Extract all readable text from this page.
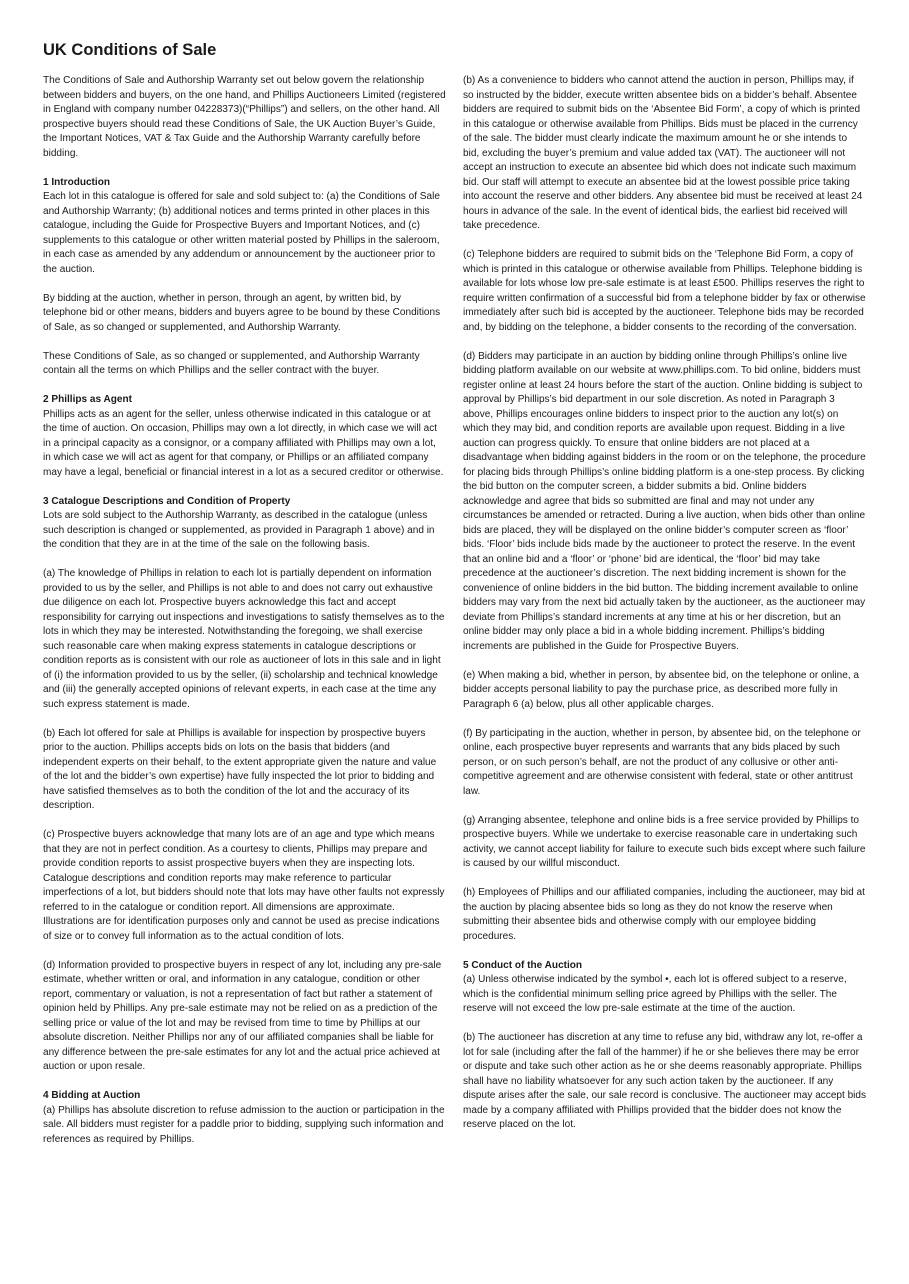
UK Conditions of Sale

The Conditions of Sale and Authorship Warranty set out below govern the relationship between bidders and buyers, on the one hand, and Phillips Auctioneers Limited (registered in England with company number 04228373)(“Phillips”) and sellers, on the other hand. All prospective buyers should read these Conditions of Sale, the UK Auction Buyer’s Guide, the Important Notices, VAT & Tax Guide and the Authorship Warranty carefully before bidding.

1 Introduction

Each lot in this catalogue is offered for sale and sold subject to: (a) the Conditions of Sale and Authorship Warranty; (b) additional notices and terms printed in other places in this catalogue, including the Guide for Prospective Buyers and Important Notices, and (c) supplements to this catalogue or other written material posted by Phillips in the saleroom, in each case as amended by any addendum or announcement by the auctioneer prior to the auction.

By bidding at the auction, whether in person, through an agent, by written bid, by telephone bid or other means, bidders and buyers agree to be bound by these Conditions of Sale, as so changed or supplemented, and Authorship Warranty.

These Conditions of Sale, as so changed or supplemented, and Authorship Warranty contain all the terms on which Phillips and the seller contract with the buyer.

2 Phillips as Agent

Phillips acts as an agent for the seller, unless otherwise indicated in this catalogue or at the time of auction. On occasion, Phillips may own a lot directly, in which case we will act in a principal capacity as a consignor, or a company affiliated with Phillips may own a lot, in which case we will act as agent for that company, or Phillips or an affiliated company may have a legal, beneficial or financial interest in a lot as a secured creditor or otherwise.

3 Catalogue Descriptions and Condition of Property

Lots are sold subject to the Authorship Warranty, as described in the catalogue (unless such description is changed or supplemented, as provided in Paragraph 1 above) and in the condition that they are in at the time of the sale on the following basis.

(a) The knowledge of Phillips in relation to each lot is partially dependent on information provided to us by the seller, and Phillips is not able to and does not carry out exhaustive due diligence on each lot. Prospective buyers acknowledge this fact and accept responsibility for carrying out inspections and investigations to satisfy themselves as to the lots in which they may be interested. Notwithstanding the foregoing, we shall exercise such reasonable care when making express statements in catalogue descriptions or condition reports as is consistent with our role as auctioneer of lots in this sale and in light of (i) the information provided to us by the seller, (ii) scholarship and technical knowledge and (iii) the generally accepted opinions of relevant experts, in each case at the time any such express statement is made.

(b) Each lot offered for sale at Phillips is available for inspection by prospective buyers prior to the auction. Phillips accepts bids on lots on the basis that bidders (and independent experts on their behalf, to the extent appropriate given the nature and value of the lot and the bidder’s own expertise) have fully inspected the lot prior to bidding and have satisfied themselves as to both the condition of the lot and the accuracy of its description.

(c) Prospective buyers acknowledge that many lots are of an age and type which means that they are not in perfect condition. As a courtesy to clients, Phillips may prepare and provide condition reports to assist prospective buyers when they are inspecting lots. Catalogue descriptions and condition reports may make reference to particular imperfections of a lot, but bidders should note that lots may have other faults not expressly referred to in the catalogue or condition report. All dimensions are approximate. Illustrations are for identification purposes only and cannot be used as precise indications of size or to convey full information as to the actual condition of lots.

(d) Information provided to prospective buyers in respect of any lot, including any pre-sale estimate, whether written or oral, and information in any catalogue, condition or other report, commentary or valuation, is not a representation of fact but rather a statement of opinion held by Phillips. Any pre-sale estimate may not be relied on as a prediction of the selling price or value of the lot and may be revised from time to time by Phillips at our absolute discretion. Neither Phillips nor any of our affiliated companies shall be liable for any difference between the pre-sale estimates for any lot and the actual price achieved at auction or upon resale.

4 Bidding at Auction

(a) Phillips has absolute discretion to refuse admission to the auction or participation in the sale. All bidders must register for a paddle prior to bidding, supplying such information and references as required by Phillips.

(b) As a convenience to bidders who cannot attend the auction in person, Phillips may, if so instructed by the bidder, execute written absentee bids on a bidder’s behalf. Absentee bidders are required to submit bids on the ‘Absentee Bid Form’, a copy of which is printed in this catalogue or otherwise available from Phillips. Bids must be placed in the currency of the sale. The bidder must clearly indicate the maximum amount he or she intends to bid, excluding the buyer’s premium and value added tax (VAT). The auctioneer will not accept an instruction to execute an absentee bid which does not indicate such maximum bid. Our staff will attempt to execute an absentee bid at the lowest possible price taking into account the reserve and other bidders. Any absentee bid must be received at least 24 hours in advance of the sale. In the event of identical bids, the earliest bid received will take precedence.

(c) Telephone bidders are required to submit bids on the ‘Telephone Bid Form, a copy of which is printed in this catalogue or otherwise available from Phillips. Telephone bidding is available for lots whose low pre-sale estimate is at least £500. Phillips reserves the right to require written confirmation of a successful bid from a telephone bidder by fax or otherwise immediately after such bid is accepted by the auctioneer. Telephone bids may be recorded and, by bidding on the telephone, a bidder consents to the recording of the conversation.

(d) Bidders may participate in an auction by bidding online through Phillips’s online live bidding platform available on our website at www.phillips.com. To bid online, bidders must register online at least 24 hours before the start of the auction. Online bidding is subject to approval by Phillips’s bid department in our sole discretion. As noted in Paragraph 3 above, Phillips encourages online bidders to inspect prior to the auction any lot(s) on which they may bid, and condition reports are available upon request. Bidding in a live auction can progress quickly. To ensure that online bidders are not placed at a disadvantage when bidding against bidders in the room or on the telephone, the procedure for placing bids through Phillips’s online bidding platform is a one-step process. By clicking the bid button on the computer screen, a bidder submits a bid. Online bidders acknowledge and agree that bids so submitted are final and may not under any circumstances be amended or retracted. During a live auction, when bids other than online bids are placed, they will be displayed on the online bidder’s computer screen as ‘floor’ bids. ‘Floor’ bids include bids made by the auctioneer to protect the reserve. In the event that an online bid and a ‘floor’ or ‘phone’ bid are identical, the ‘floor’ bid may take precedence at the auctioneer’s discretion. The next bidding increment is shown for the convenience of online bidders in the bid button. The bidding increment available to online bidders may vary from the next bid actually taken by the auctioneer, as the auctioneer may deviate from Phillips’s standard increments at any time at his or her discretion, but an online bidder may only place a bid in a whole bidding increment. Phillips’s bidding increments are published in the Guide for Prospective Buyers.

(e) When making a bid, whether in person, by absentee bid, on the telephone or online, a bidder accepts personal liability to pay the purchase price, as described more fully in Paragraph 6 (a) below, plus all other applicable charges.

(f) By participating in the auction, whether in person, by absentee bid, on the telephone or online, each prospective buyer represents and warrants that any bids placed by such person, or on such person’s behalf, are not the product of any collusive or other anti-competitive agreement and are otherwise consistent with federal, state or other antitrust law.

(g) Arranging absentee, telephone and online bids is a free service provided by Phillips to prospective buyers. While we undertake to exercise reasonable care in undertaking such activity, we cannot accept liability for failure to execute such bids except where such failure is caused by our willful misconduct.

(h) Employees of Phillips and our affiliated companies, including the auctioneer, may bid at the auction by placing absentee bids so long as they do not know the reserve when submitting their absentee bids and otherwise comply with our employee bidding procedures.

5 Conduct of the Auction

(a) Unless otherwise indicated by the symbol •, each lot is offered subject to a reserve, which is the confidential minimum selling price agreed by Phillips with the seller. The reserve will not exceed the low pre-sale estimate at the time of the auction.

(b) The auctioneer has discretion at any time to refuse any bid, withdraw any lot, re-offer a lot for sale (including after the fall of the hammer) if he or she believes there may be error or dispute and take such other action as he or she deems reasonably appropriate. Phillips shall have no liability whatsoever for any such action taken by the auctioneer. If any dispute arises after the sale, our sale record is conclusive. The auctioneer may accept bids made by a company affiliated with Phillips provided that the bidder does not know the reserve placed on the lot.
